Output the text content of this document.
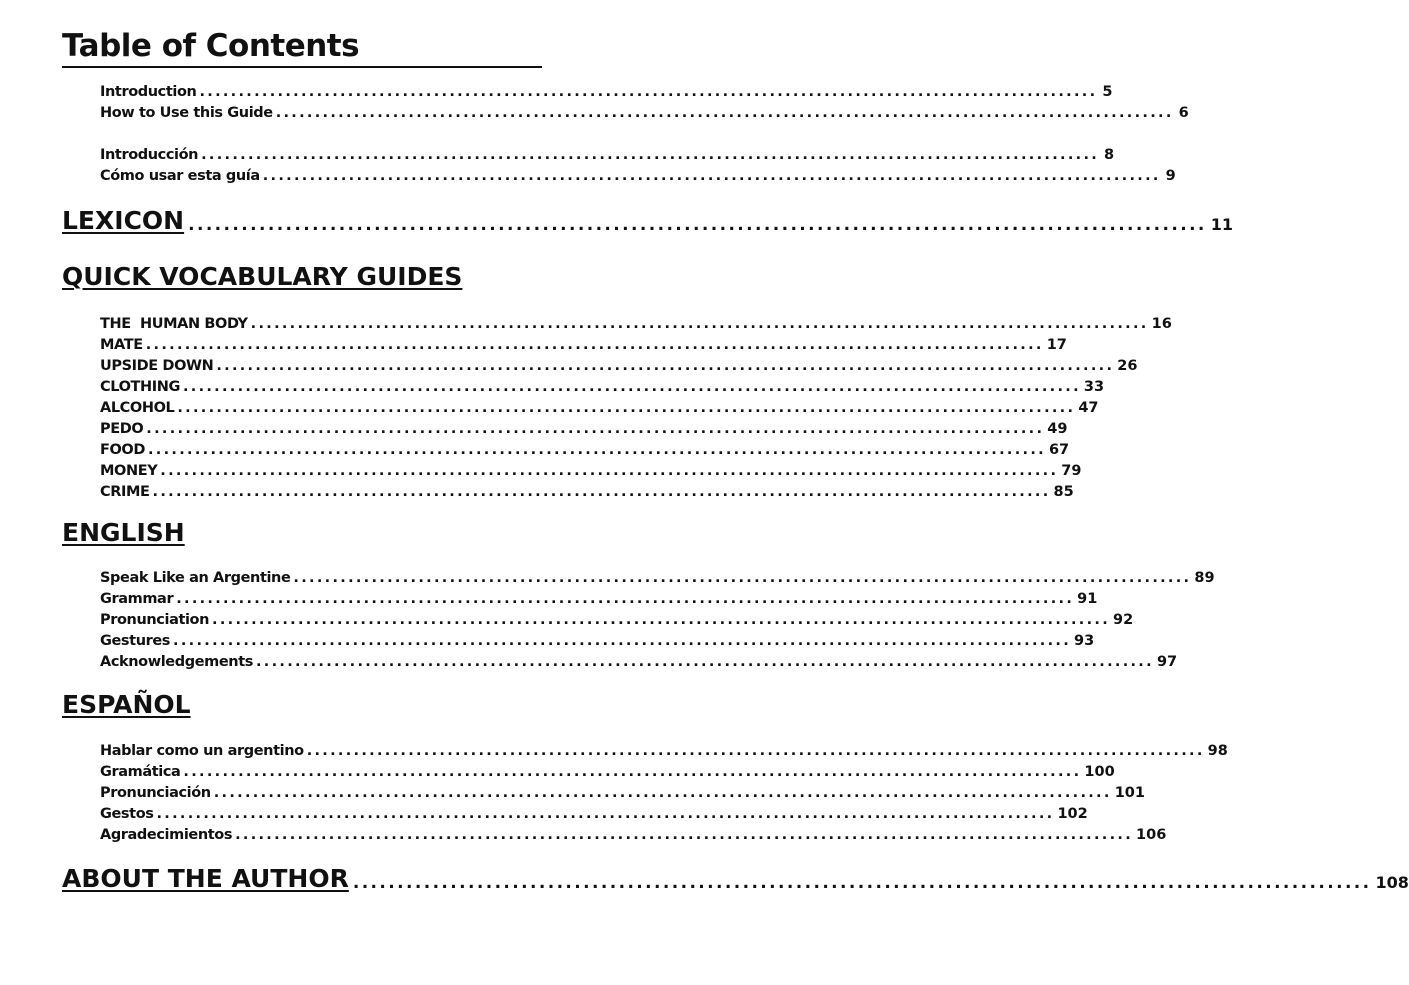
Table of Contents
Introduction ................................................................................................................... 5
How to Use this Guide ................................................................................................................... 6
Introducción ................................................................................................................... 8
Cómo usar esta guía ................................................................................................................... 9
LEXICON ................................................................................................................... 11
QUICK VOCABULARY GUIDES
THE  HUMAN BODY ................................................................................................................... 16
MATE ................................................................................................................... 17
UPSIDE DOWN ................................................................................................................... 26
CLOTHING ................................................................................................................... 33
ALCOHOL ................................................................................................................... 47
PEDO ................................................................................................................... 49
FOOD ................................................................................................................... 67
MONEY ................................................................................................................... 79
CRIME ................................................................................................................... 85
ENGLISH
Speak Like an Argentine ................................................................................................................... 89
Grammar ................................................................................................................... 91
Pronunciation ................................................................................................................... 92
Gestures ................................................................................................................... 93
Acknowledgements ................................................................................................................... 97
ESPAÑOL
Hablar como un argentino ................................................................................................................... 98
Gramática ................................................................................................................... 100
Pronunciación ................................................................................................................... 101
Gestos ................................................................................................................... 102
Agradecimientos ................................................................................................................... 106
ABOUT THE AUTHOR ................................................................................................................... 108
